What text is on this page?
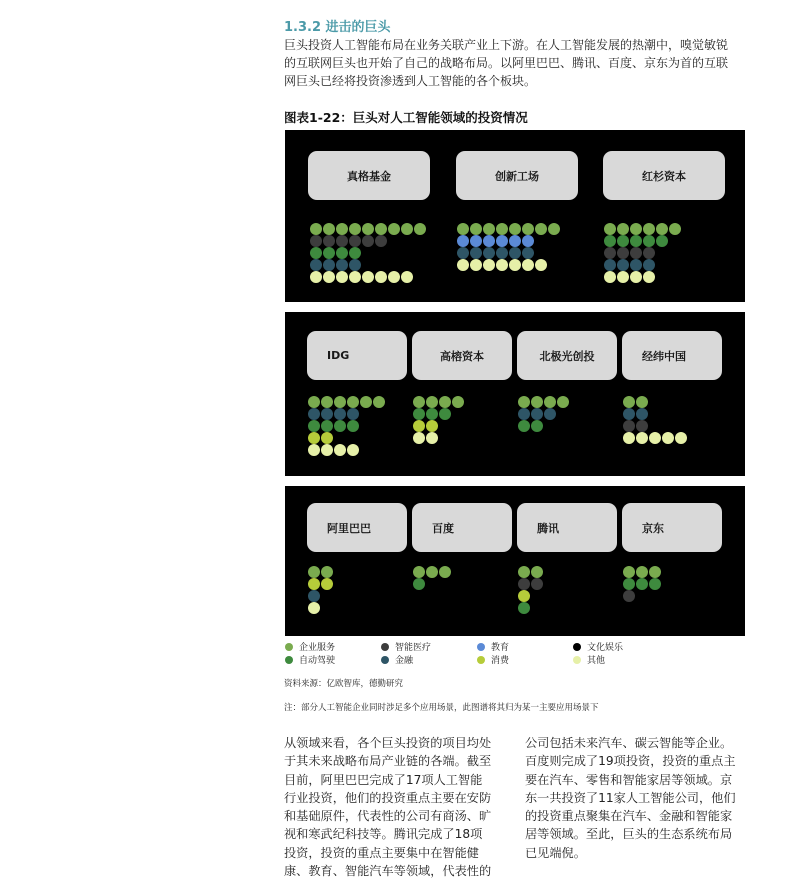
1.3.2 进击的巨头
巨头投资人工智能布局在业务关联产业上下游。在人工智能发展的热潮中，嗅觉敏锐
的互联网巨头也开始了自己的战略布局。以阿里巴巴、腾讯、百度、京东为首的互联
网巨头已经将投资渗透到人工智能的各个板块。
图表1-22：巨头对人工智能领域的投资情况
真格基金	创新工场	红杉资本
IDG	高榕资本	北极光创投	经纬中国
阿里巴巴	百度	腾讯	京东
企业服务	智能医疗	教育	文化娱乐
自动驾驶	金融	消费	其他
资料来源：亿欧智库，德勤研究
注：部分人工智能企业同时涉足多个应用场景，此图谱将其归为某一主要应用场景下
从领域来看，各个巨头投资的项目均处
于其未来战略布局产业链的各端。截至
目前，阿里巴巴完成了17项人工智能
行业投资，他们的投资重点主要在安防
和基础原件，代表性的公司有商汤、旷
视和寒武纪科技等。腾讯完成了18项
投资，投资的重点主要集中在智能健
康、教育、智能汽车等领域，代表性的
公司包括未来汽车、碳云智能等企业。
百度则完成了19项投资，投资的重点主
要在汽车、零售和智能家居等领域。京
东一共投资了11家人工智能公司，他们
的投资重点聚集在汽车、金融和智能家
居等领域。至此，巨头的生态系统布局
已见端倪。
